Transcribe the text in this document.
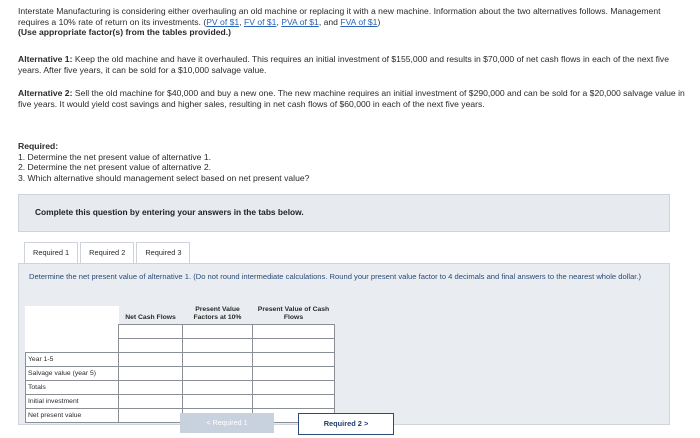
Interstate Manufacturing is considering either overhauling an old machine or replacing it with a new machine. Information about the two alternatives follows. Management requires a 10% rate of return on its investments. (PV of $1, FV of $1, PVA of $1, and FVA of $1)
(Use appropriate factor(s) from the tables provided.)
Alternative 1: Keep the old machine and have it overhauled. This requires an initial investment of $155,000 and results in $70,000 of net cash flows in each of the next five years. After five years, it can be sold for a $10,000 salvage value.
Alternative 2: Sell the old machine for $40,000 and buy a new one. The new machine requires an initial investment of $290,000 and can be sold for a $20,000 salvage value in five years. It would yield cost savings and higher sales, resulting in net cash flows of $60,000 in each of the next five years.
Required:
1. Determine the net present value of alternative 1.
2. Determine the net present value of alternative 2.
3. Which alternative should management select based on net present value?
Complete this question by entering your answers in the tabs below.
Required 1	Required 2	Required 3
Determine the net present value of alternative 1. (Do not round intermediate calculations. Round your present value factor to 4 decimals and final answers to the nearest whole dollar.)
	Net Cash Flows	Present Value Factors at 10%	Present Value of Cash Flows

Year 1-5			
Salvage value (year 5)			
Totals			
Initial investment			
Net present value			
< Required 1	Required 2 >
